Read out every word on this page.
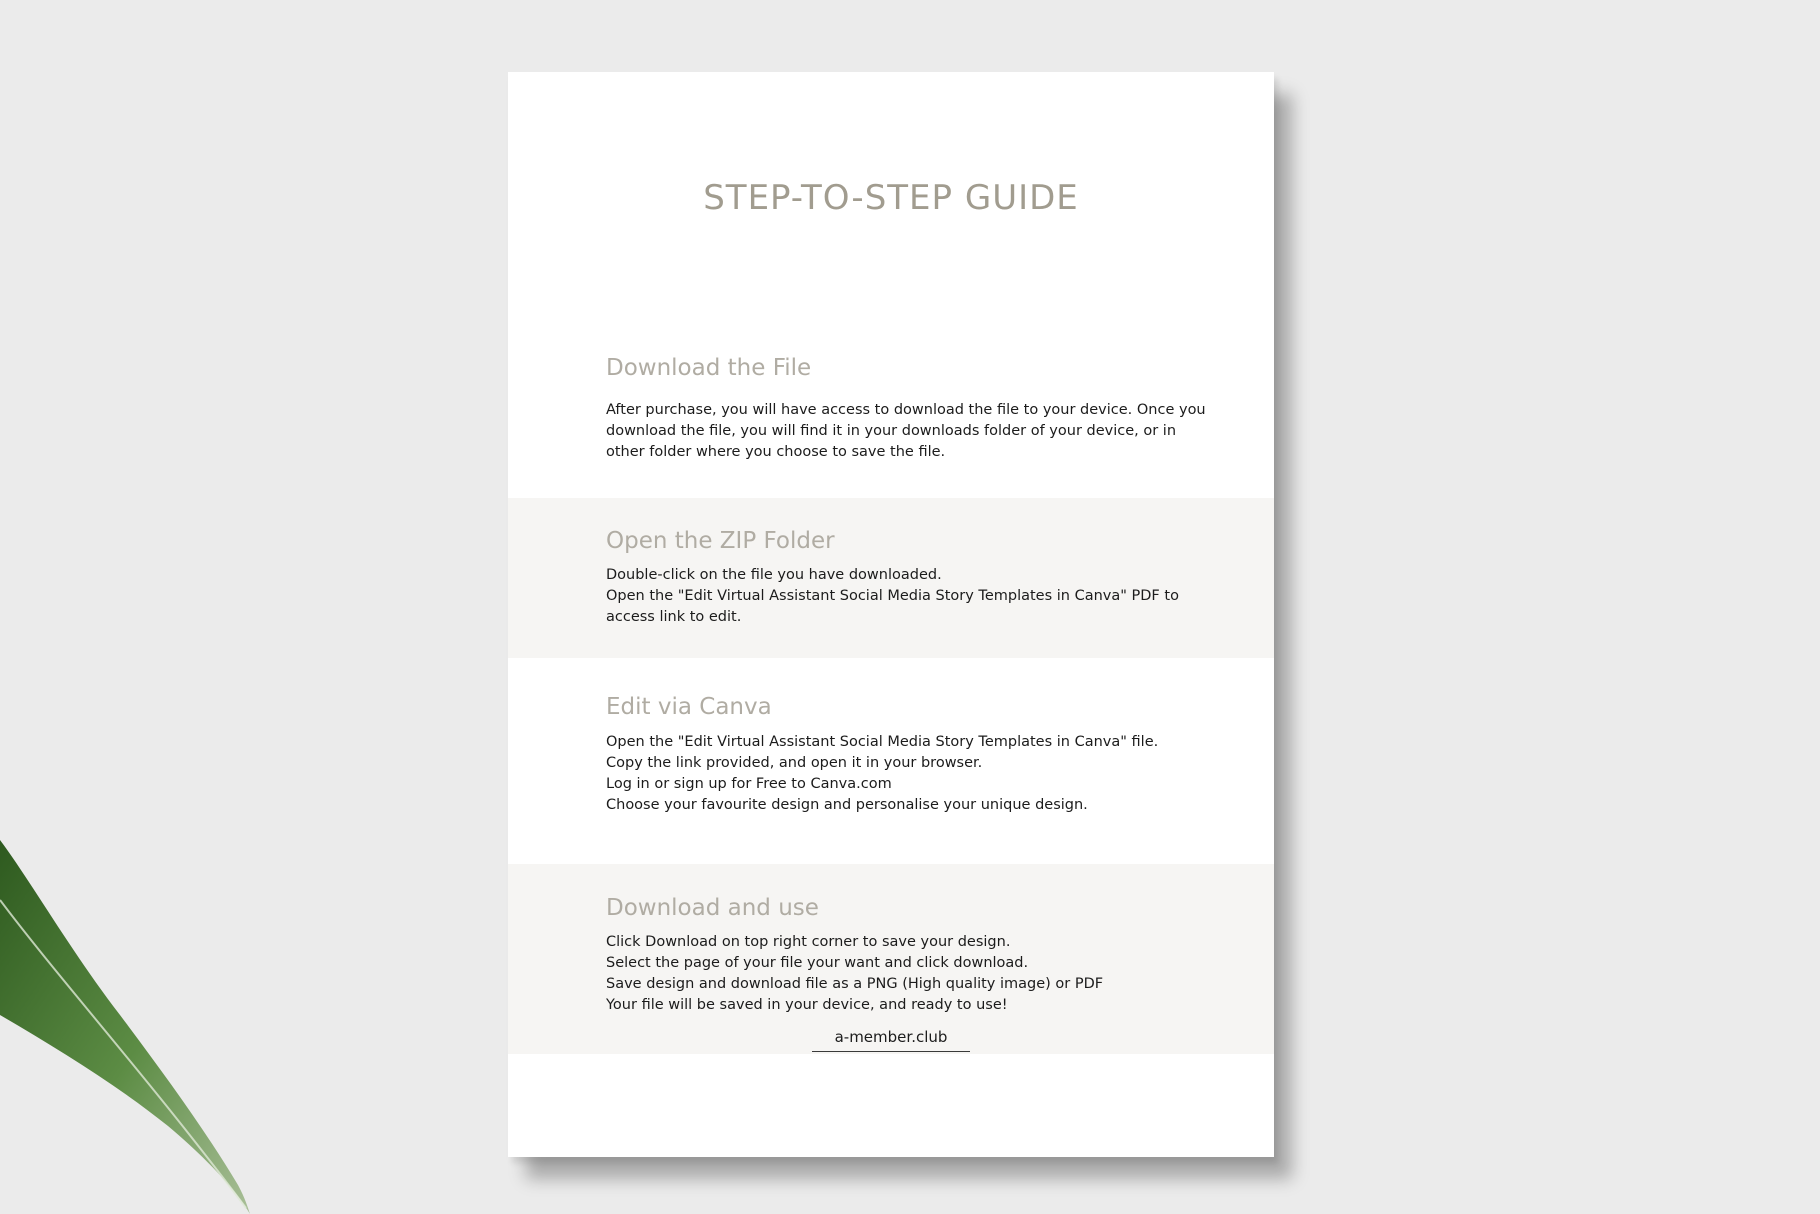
STEP-TO-STEP GUIDE
Download the File

After purchase, you will have access to download the file to your device. Once you
download the file, you will find it in your downloads folder of your device, or in
other folder where you choose to save the file.

Open the ZIP Folder

Double-click on the file you have downloaded.
Open the "Edit Virtual Assistant Social Media Story Templates in Canva" PDF to
access link to edit.

Edit via Canva

Open the "Edit Virtual Assistant Social Media Story Templates in Canva" file.
Copy the link provided, and open it in your browser.
Log in or sign up for Free to Canva.com
Choose your favourite design and personalise your unique design.

Download and use

Click Download on top right corner to save your design.
Select the page of your file your want and click download.
Save design and download file as a PNG (High quality image) or PDF
Your file will be saved in your device, and ready to use!

a-member.club
